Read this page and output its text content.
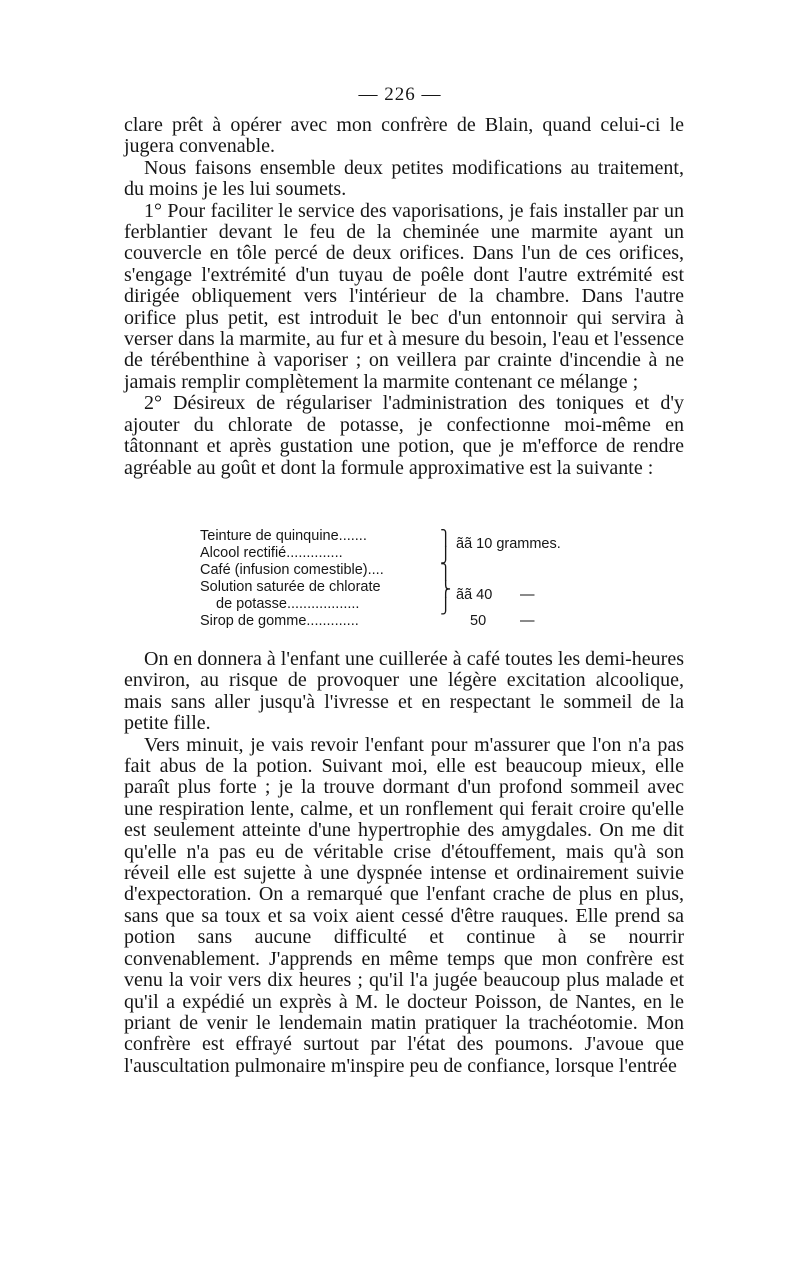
— 226 —

clare prêt à opérer avec mon confrère de Blain, quand celui-ci le jugera convenable.

Nous faisons ensemble deux petites modifications au traitement, du moins je les lui soumets.

1° Pour faciliter le service des vaporisations, je fais installer par un ferblantier devant le feu de la cheminée une marmite ayant un couvercle en tôle percé de deux orifices. Dans l'un de ces orifices, s'engage l'extrémité d'un tuyau de poêle dont l'autre extrémité est dirigée obliquement vers l'intérieur de la chambre. Dans l'autre orifice plus petit, est introduit le bec d'un entonnoir qui servira à verser dans la marmite, au fur et à mesure du besoin, l'eau et l'essence de térébenthine à vaporiser ; on veillera par crainte d'incendie à ne jamais remplir complètement la marmite contenant ce mélange ;

2° Désireux de régulariser l'administration des toniques et d'y ajouter du chlorate de potasse, je confectionne moi-même en tâtonnant et après gustation une potion, que je m'efforce de rendre agréable au goût et dont la formule approximative est la suivante :

Teinture de quinquine.......
Alcool rectifié..............
Café (infusion comestible)....
Solution saturée de chlorate
de potasse..................
Sirop de gomme.............
⎫
⎭
ãã 10 grammes.
⎫
⎬
⎭
ãã 40 —
50 —

On en donnera à l'enfant une cuillerée à café toutes les demi-heures environ, au risque de provoquer une légère excitation alcoolique, mais sans aller jusqu'à l'ivresse et en respectant le sommeil de la petite fille.

Vers minuit, je vais revoir l'enfant pour m'assurer que l'on n'a pas fait abus de la potion. Suivant moi, elle est beaucoup mieux, elle paraît plus forte ; je la trouve dormant d'un profond sommeil avec une respiration lente, calme, et un ronflement qui ferait croire qu'elle est seulement atteinte d'une hypertrophie des amygdales. On me dit qu'elle n'a pas eu de véritable crise d'étouffement, mais qu'à son réveil elle est sujette à une dyspnée intense et ordinairement suivie d'expectoration. On a remarqué que l'enfant crache de plus en plus, sans que sa toux et sa voix aient cessé d'être rauques. Elle prend sa potion sans aucune difficulté et continue à se nourrir convenablement. J'apprends en même temps que mon confrère est venu la voir vers dix heures ; qu'il l'a jugée beaucoup plus malade et qu'il a expédié un exprès à M. le docteur Poisson, de Nantes, en le priant de venir le lendemain matin pratiquer la trachéotomie. Mon confrère est effrayé surtout par l'état des poumons. J'avoue que l'auscultation pulmonaire m'inspire peu de confiance, lorsque l'entrée
